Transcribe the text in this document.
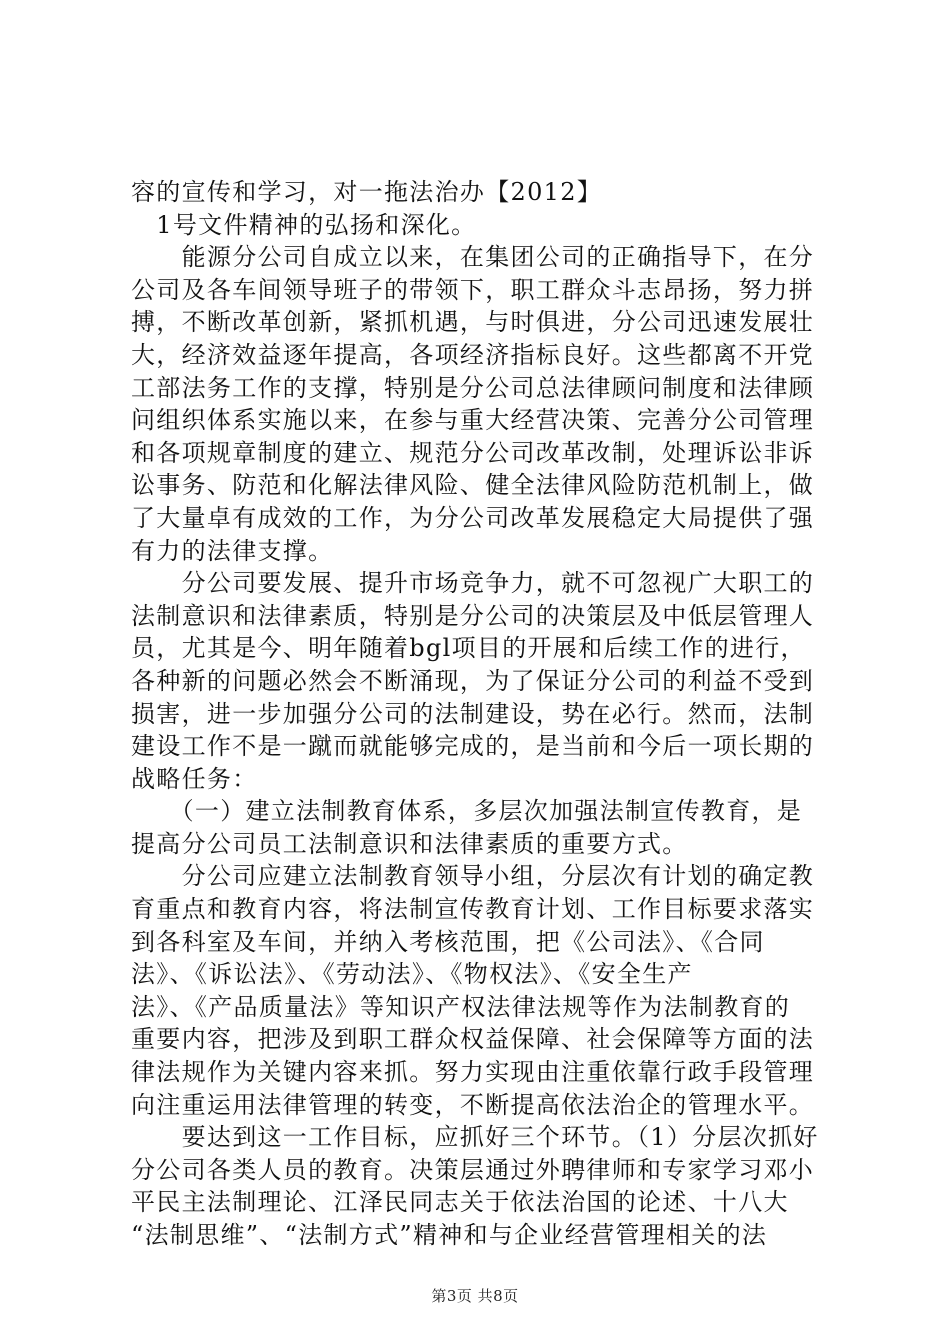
容的宣传和学习，对一拖法治办【2012】
　1号文件精神的弘扬和深化。
　　能源分公司自成立以来，在集团公司的正确指导下，在分
公司及各车间领导班子的带领下，职工群众斗志昂扬，努力拼
搏，不断改革创新，紧抓机遇，与时俱进，分公司迅速发展壮
大，经济效益逐年提高，各项经济指标良好。这些都离不开党
工部法务工作的支撑，特别是分公司总法律顾问制度和法律顾
问组织体系实施以来，在参与重大经营决策、完善分公司管理
和各项规章制度的建立、规范分公司改革改制，处理诉讼非诉
讼事务、防范和化解法律风险、健全法律风险防范机制上，做
了大量卓有成效的工作，为分公司改革发展稳定大局提供了强
有力的法律支撑。
　　分公司要发展、提升市场竞争力，就不可忽视广大职工的
法制意识和法律素质，特别是分公司的决策层及中低层管理人
员，尤其是今、明年随着bgl项目的开展和后续工作的进行，
各种新的问题必然会不断涌现，为了保证分公司的利益不受到
损害，进一步加强分公司的法制建设，势在必行。然而，法制
建设工作不是一蹴而就能够完成的，是当前和今后一项长期的
战略任务：
　　（一）建立法制教育体系，多层次加强法制宣传教育，是
提高分公司员工法制意识和法律素质的重要方式。
　　分公司应建立法制教育领导小组，分层次有计划的确定教
育重点和教育内容，将法制宣传教育计划、工作目标要求落实
到各科室及车间，并纳入考核范围，把《公司法》、《合同
法》、《诉讼法》、《劳动法》、《物权法》、《安全生产
法》、《产品质量法》等知识产权法律法规等作为法制教育的
重要内容，把涉及到职工群众权益保障、社会保障等方面的法
律法规作为关键内容来抓。努力实现由注重依靠行政手段管理
向注重运用法律管理的转变，不断提高依法治企的管理水平。
　　要达到这一工作目标，应抓好三个环节。（1）分层次抓好
分公司各类人员的教育。决策层通过外聘律师和专家学习邓小
平民主法制理论、江泽民同志关于依法治国的论述、十八大
“法制思维”、“法制方式”精神和与企业经营管理相关的法
第3页 共8页
